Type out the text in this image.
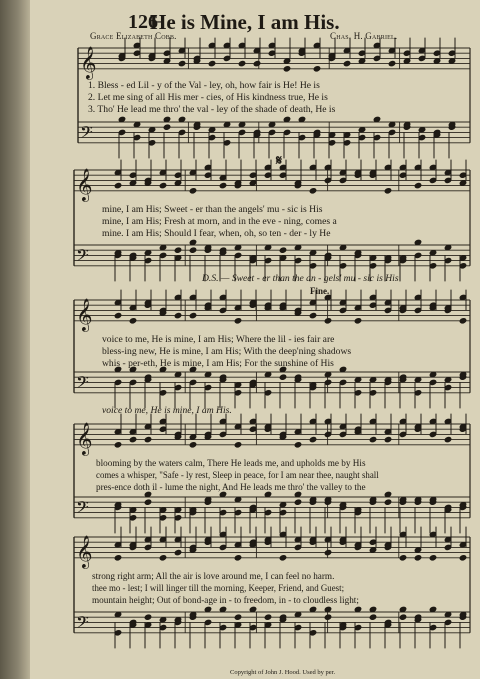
𝄞
𝄢
𝄞
𝄢
𝄞
𝄢
𝄞
𝄢
𝄞
𝄢
126
He is Mine, I am His.
Grace Elizabeth Cobb.	Chas. H. Gabriel.
1. Bless - ed Lil - y of the Val - ley, oh, how fair is He! He is
2. Let me sing of all His mer - cies, of His kindness true, He is
3. Tho' He lead me thro' the val - ley of the shade of death, He is
𝄋
mine, I am His; Sweet - er than the angels' mu - sic is His
mine, I am His; Fresh at morn, and in the eve - ning, comes a
mine. I am His; Should I fear, when, oh, so ten - der - ly He
D.S. — Sweet - er than the an - gels' mu - sic is His
Fine.
voice to me, He is mine, I am His; Where the lil - ies fair are
bless-ing new, He is mine, I am His; With the deep'ning shadows
whis - per-eth, He is mine, I am His; For the sunshine of His
voice to me, He is mine, I am His.
blooming by the waters calm, There He leads me, and upholds me by His
comes a whisper, "Safe - ly rest, Sleep in peace, for I am near thee, naught shall
pres-ence doth il - lume the night, And He leads me thro' the valley to the
strong right arm; All the air is love around me, I can feel no harm.
thee mo - lest; I will linger till the morning, Keeper, Friend, and Guest;
mountain height; Out of bond-age in - to freedom, in - to cloudless light;
Copyright of John J. Hood. Used by per.
